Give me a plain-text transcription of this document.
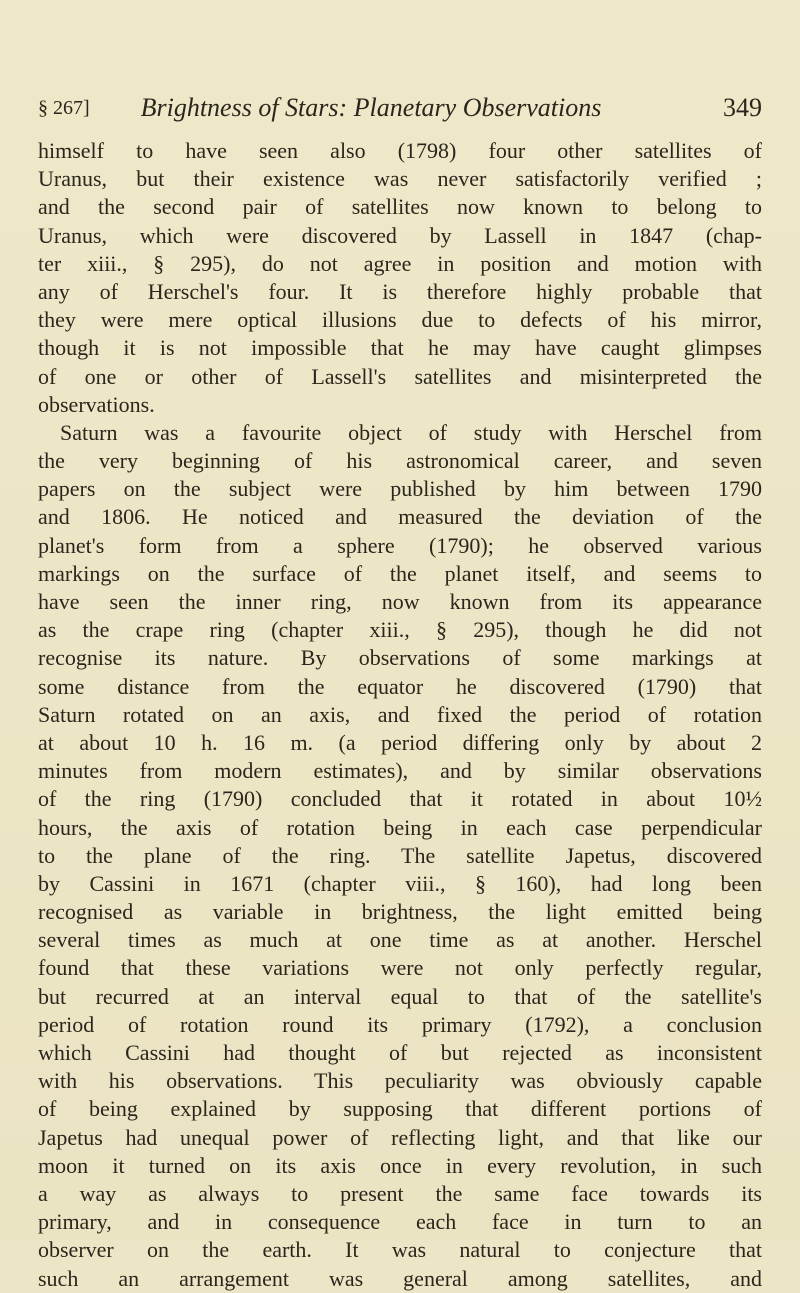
§ 267]	Brightness of Stars: Planetary Observations	349
himself to have seen also (1798) four other satellites of
Uranus, but their existence was never satisfactorily verified ;
and the second pair of satellites now known to belong to
Uranus, which were discovered by Lassell in 1847 (chap-
ter xiii., § 295), do not agree in position and motion with
any of Herschel's four. It is therefore highly probable that
they were mere optical illusions due to defects of his mirror,
though it is not impossible that he may have caught glimpses
of one or other of Lassell's satellites and misinterpreted the
observations.
Saturn was a favourite object of study with Herschel from
the very beginning of his astronomical career, and seven
papers on the subject were published by him between 1790
and 1806. He noticed and measured the deviation of the
planet's form from a sphere (1790); he observed various
markings on the surface of the planet itself, and seems to
have seen the inner ring, now known from its appearance
as the crape ring (chapter xiii., § 295), though he did not
recognise its nature. By observations of some markings at
some distance from the equator he discovered (1790) that
Saturn rotated on an axis, and fixed the period of rotation
at about 10 h. 16 m. (a period differing only by about 2
minutes from modern estimates), and by similar observations
of the ring (1790) concluded that it rotated in about 10½
hours, the axis of rotation being in each case perpendicular
to the plane of the ring. The satellite Japetus, discovered
by Cassini in 1671 (chapter viii., § 160), had long been
recognised as variable in brightness, the light emitted being
several times as much at one time as at another. Herschel
found that these variations were not only perfectly regular,
but recurred at an interval equal to that of the satellite's
period of rotation round its primary (1792), a conclusion
which Cassini had thought of but rejected as inconsistent
with his observations. This peculiarity was obviously capable
of being explained by supposing that different portions of
Japetus had unequal power of reflecting light, and that like our
moon it turned on its axis once in every revolution, in such
a way as always to present the same face towards its
primary, and in consequence each face in turn to an
observer on the earth. It was natural to conjecture that
such an arrangement was general among satellites, and
